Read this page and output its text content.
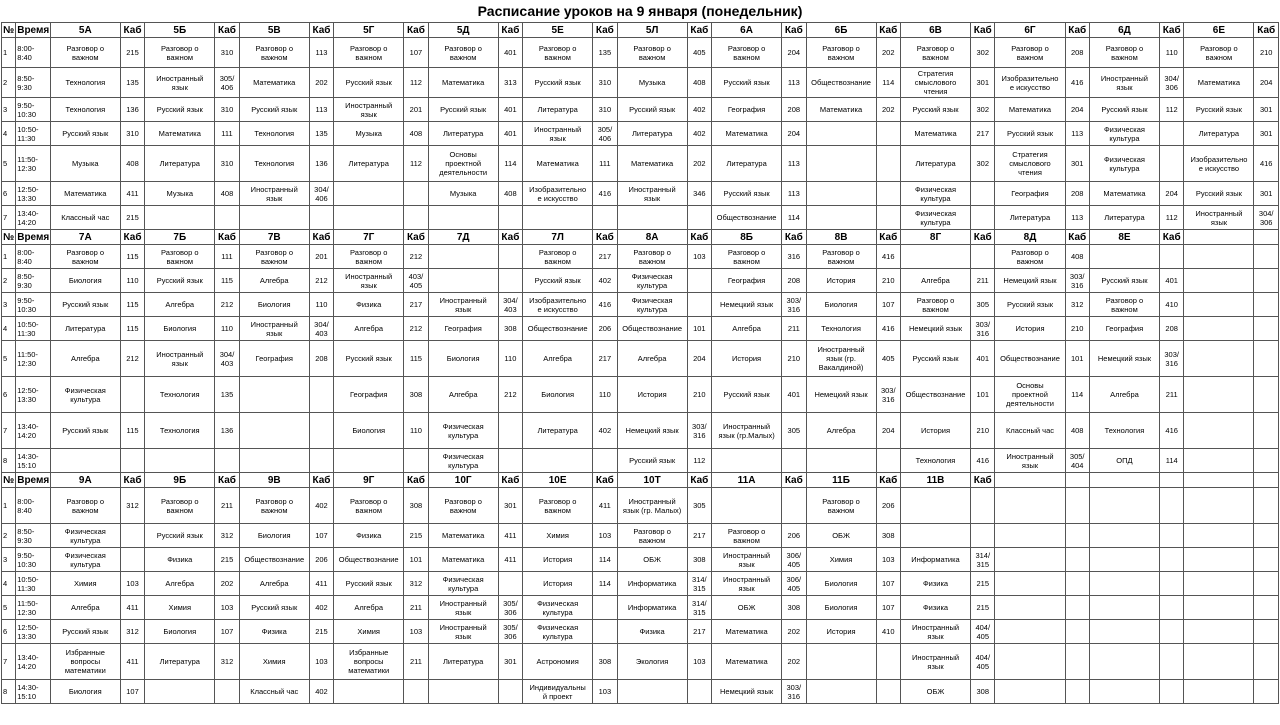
Расписание уроков на 9 января (понедельник)
№	Время	5А	Каб	5Б	Каб	5В	Каб	5Г	Каб	5Д	Каб	5Е	Каб	5Л	Каб	6А	Каб	6Б	Каб	6В	Каб	6Г	Каб	6Д	Каб	6Е	Каб
1	8:00-
8:40	Разговор о
важном	215	Разговор о
важном	310	Разговор о
важном	113	Разговор о
важном	107	Разговор о
важном	401	Разговор о
важном	135	Разговор о
важном	405	Разговор о
важном	204	Разговор о
важном	202	Разговор о
важном	302	Разговор о
важном	208	Разговор о
важном	110	Разговор о
важном	210
2	8:50-
9:30	Технология	135	Иностранный
язык	305/
406	Математика	202	Русский язык	112	Математика	313	Русский язык	310	Музыка	408	Русский язык	113	Обществознание	114	Стратегия
смыслового
чтения	301	Изобразительно
е искусство	416	Иностранный
язык	304/
306	Математика	204
3	9:50-
10:30	Технология	136	Русский язык	310	Русский язык	113	Иностранный
язык	201	Русский язык	401	Литература	310	Русский язык	402	География	208	Математика	202	Русский язык	302	Математика	204	Русский язык	112	Русский язык	301
4	10:50-
11:30	Русский язык	310	Математика	111	Технология	135	Музыка	408	Литература	401	Иностранный
язык	305/
406	Литература	402	Математика	204			Математика	217	Русский язык	113	Физическая
культура		Литература	301
5	11:50-
12:30	Музыка	408	Литература	310	Технология	136	Литература	112	Основы
проектной
деятельности	114	Математика	111	Математика	202	Литература	113			Литература	302	Стратегия
смыслового
чтения	301	Физическая
культура		Изобразительно
е искусство	416
6	12:50-
13:30	Математика	411	Музыка	408	Иностранный
язык	304/
406			Музыка	408	Изобразительно
е искусство	416	Иностранный
язык	346	Русский язык	113			Физическая
культура		География	208	Математика	204	Русский язык	301
7	13:40-
14:20	Классный час	215													Обществознание	114			Физическая
культура		Литература	113	Литература	112	Иностранный
язык	304/
306
№	Время	7А	Каб	7Б	Каб	7В	Каб	7Г	Каб	7Д	Каб	7Л	Каб	8А	Каб	8Б	Каб	8В	Каб	8Г	Каб	8Д	Каб	8Е	Каб		
1	8:00-
8:40	Разговор о
важном	115	Разговор о
важном	111	Разговор о
важном	201	Разговор о
важном	212			Разговор о
важном	217	Разговор о
важном	103	Разговор о
важном	316	Разговор о
важном	416			Разговор о
важном	408				
2	8:50-
9:30	Биология	110	Русский язык	115	Алгебра	212	Иностранный
язык	403/
405			Русский язык	402	Физическая
культура		География	208	История	210	Алгебра	211	Немецкий язык	303/
316	Русский язык	401		
3	9:50-
10:30	Русский язык	115	Алгебра	212	Биология	110	Физика	217	Иностранный
язык	304/
403	Изобразительно
е искусство	416	Физическая
культура		Немецкий язык	303/
316	Биология	107	Разговор о
важном	305	Русский язык	312	Разговор о
важном	410		
4	10:50-
11:30	Литература	115	Биология	110	Иностранный
язык	304/
403	Алгебра	212	География	308	Обществознание	206	Обществознание	101	Алгебра	211	Технология	416	Немецкий язык	303/
316	История	210	География	208		
5	11:50-
12:30	Алгебра	212	Иностранный
язык	304/
403	География	208	Русский язык	115	Биология	110	Алгебра	217	Алгебра	204	История	210	Иностранный
язык (гр.
Вакалдиной)	405	Русский язык	401	Обществознание	101	Немецкий язык	303/
316		
6	12:50-
13:30	Физическая
культура		Технология	135			География	308	Алгебра	212	Биология	110	История	210	Русский язык	401	Немецкий язык	303/
316	Обществознание	101	Основы
проектной
деятельности	114	Алгебра	211		
7	13:40-
14:20	Русский язык	115	Технология	136			Биология	110	Физическая
культура		Литература	402	Немецкий язык	303/
316	Иностранный
язык (гр.Малых)	305	Алгебра	204	История	210	Классный час	408	Технология	416		
8	14:30-
15:10									Физическая
культура				Русский язык	112					Технология	416	Иностранный
язык	305/
404	ОПД	114		
№	Время	9А	Каб	9Б	Каб	9В	Каб	9Г	Каб	10Г	Каб	10Е	Каб	10Т	Каб	11А	Каб	11Б	Каб	11В	Каб						
1	8:00-
8:40	Разговор о
важном	312	Разговор о
важном	211	Разговор о
важном	402	Разговор о
важном	308	Разговор о
важном	301	Разговор о
важном	411	Иностранный
язык (гр. Малых)	305			Разговор о
важном	206								
2	8:50-
9:30	Физическая
культура		Русский язык	312	Биология	107	Физика	215	Математика	411	Химия	103	Разговор о
важном	217	Разговор о
важном	206	ОБЖ	308								
3	9:50-
10:30	Физическая
культура		Физика	215	Обществознание	206	Обществознание	101	Математика	411	История	114	ОБЖ	308	Иностранный
язык	306/
405	Химия	103	Информатика	314/
315						
4	10:50-
11:30	Химия	103	Алгебра	202	Алгебра	411	Русский язык	312	Физическая
культура		История	114	Информатика	314/
315	Иностранный
язык	306/
405	Биология	107	Физика	215						
5	11:50-
12:30	Алгебра	411	Химия	103	Русский язык	402	Алгебра	211	Иностранный
язык	305/
306	Физическая
культура		Информатика	314/
315	ОБЖ	308	Биология	107	Физика	215						
6	12:50-
13:30	Русский язык	312	Биология	107	Физика	215	Химия	103	Иностранный
язык	305/
306	Физическая
культура		Физика	217	Математика	202	История	410	Иностранный
язык	404/
405						
7	13:40-
14:20	Избранные
вопросы
математики	411	Литература	312	Химия	103	Избранные
вопросы
математики	211	Литература	301	Астрономия	308	Экология	103	Математика	202			Иностранный
язык	404/
405						
8	14:30-
15:10	Биология	107			Классный час	402					Индивидуальны
й проект	103			Немецкий язык	303/
316			ОБЖ	308						
